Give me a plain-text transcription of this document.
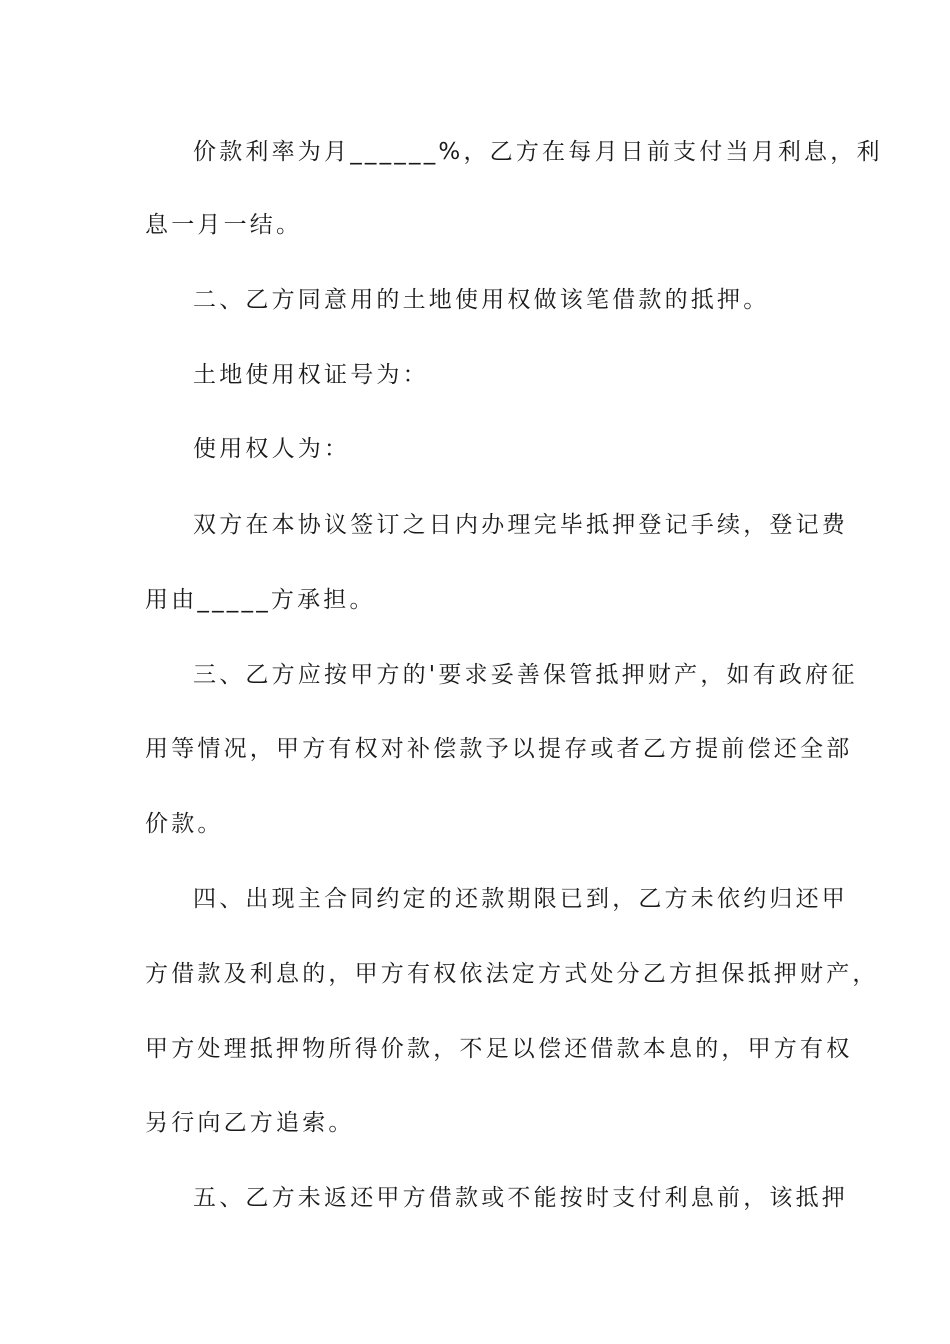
价款利率为月______%，乙方在每月日前支付当月利息，利
息一月一结。
二、乙方同意用的土地使用权做该笔借款的抵押。
土地使用权证号为：
使用权人为：
双方在本协议签订之日内办理完毕抵押登记手续，登记费
用由_____方承担。
三、乙方应按甲方的'要求妥善保管抵押财产，如有政府征
用等情况，甲方有权对补偿款予以提存或者乙方提前偿还全部
价款。
四、出现主合同约定的还款期限已到，乙方未依约归还甲
方借款及利息的，甲方有权依法定方式处分乙方担保抵押财产，
甲方处理抵押物所得价款，不足以偿还借款本息的，甲方有权
另行向乙方追索。
五、乙方未返还甲方借款或不能按时支付利息前，该抵押
